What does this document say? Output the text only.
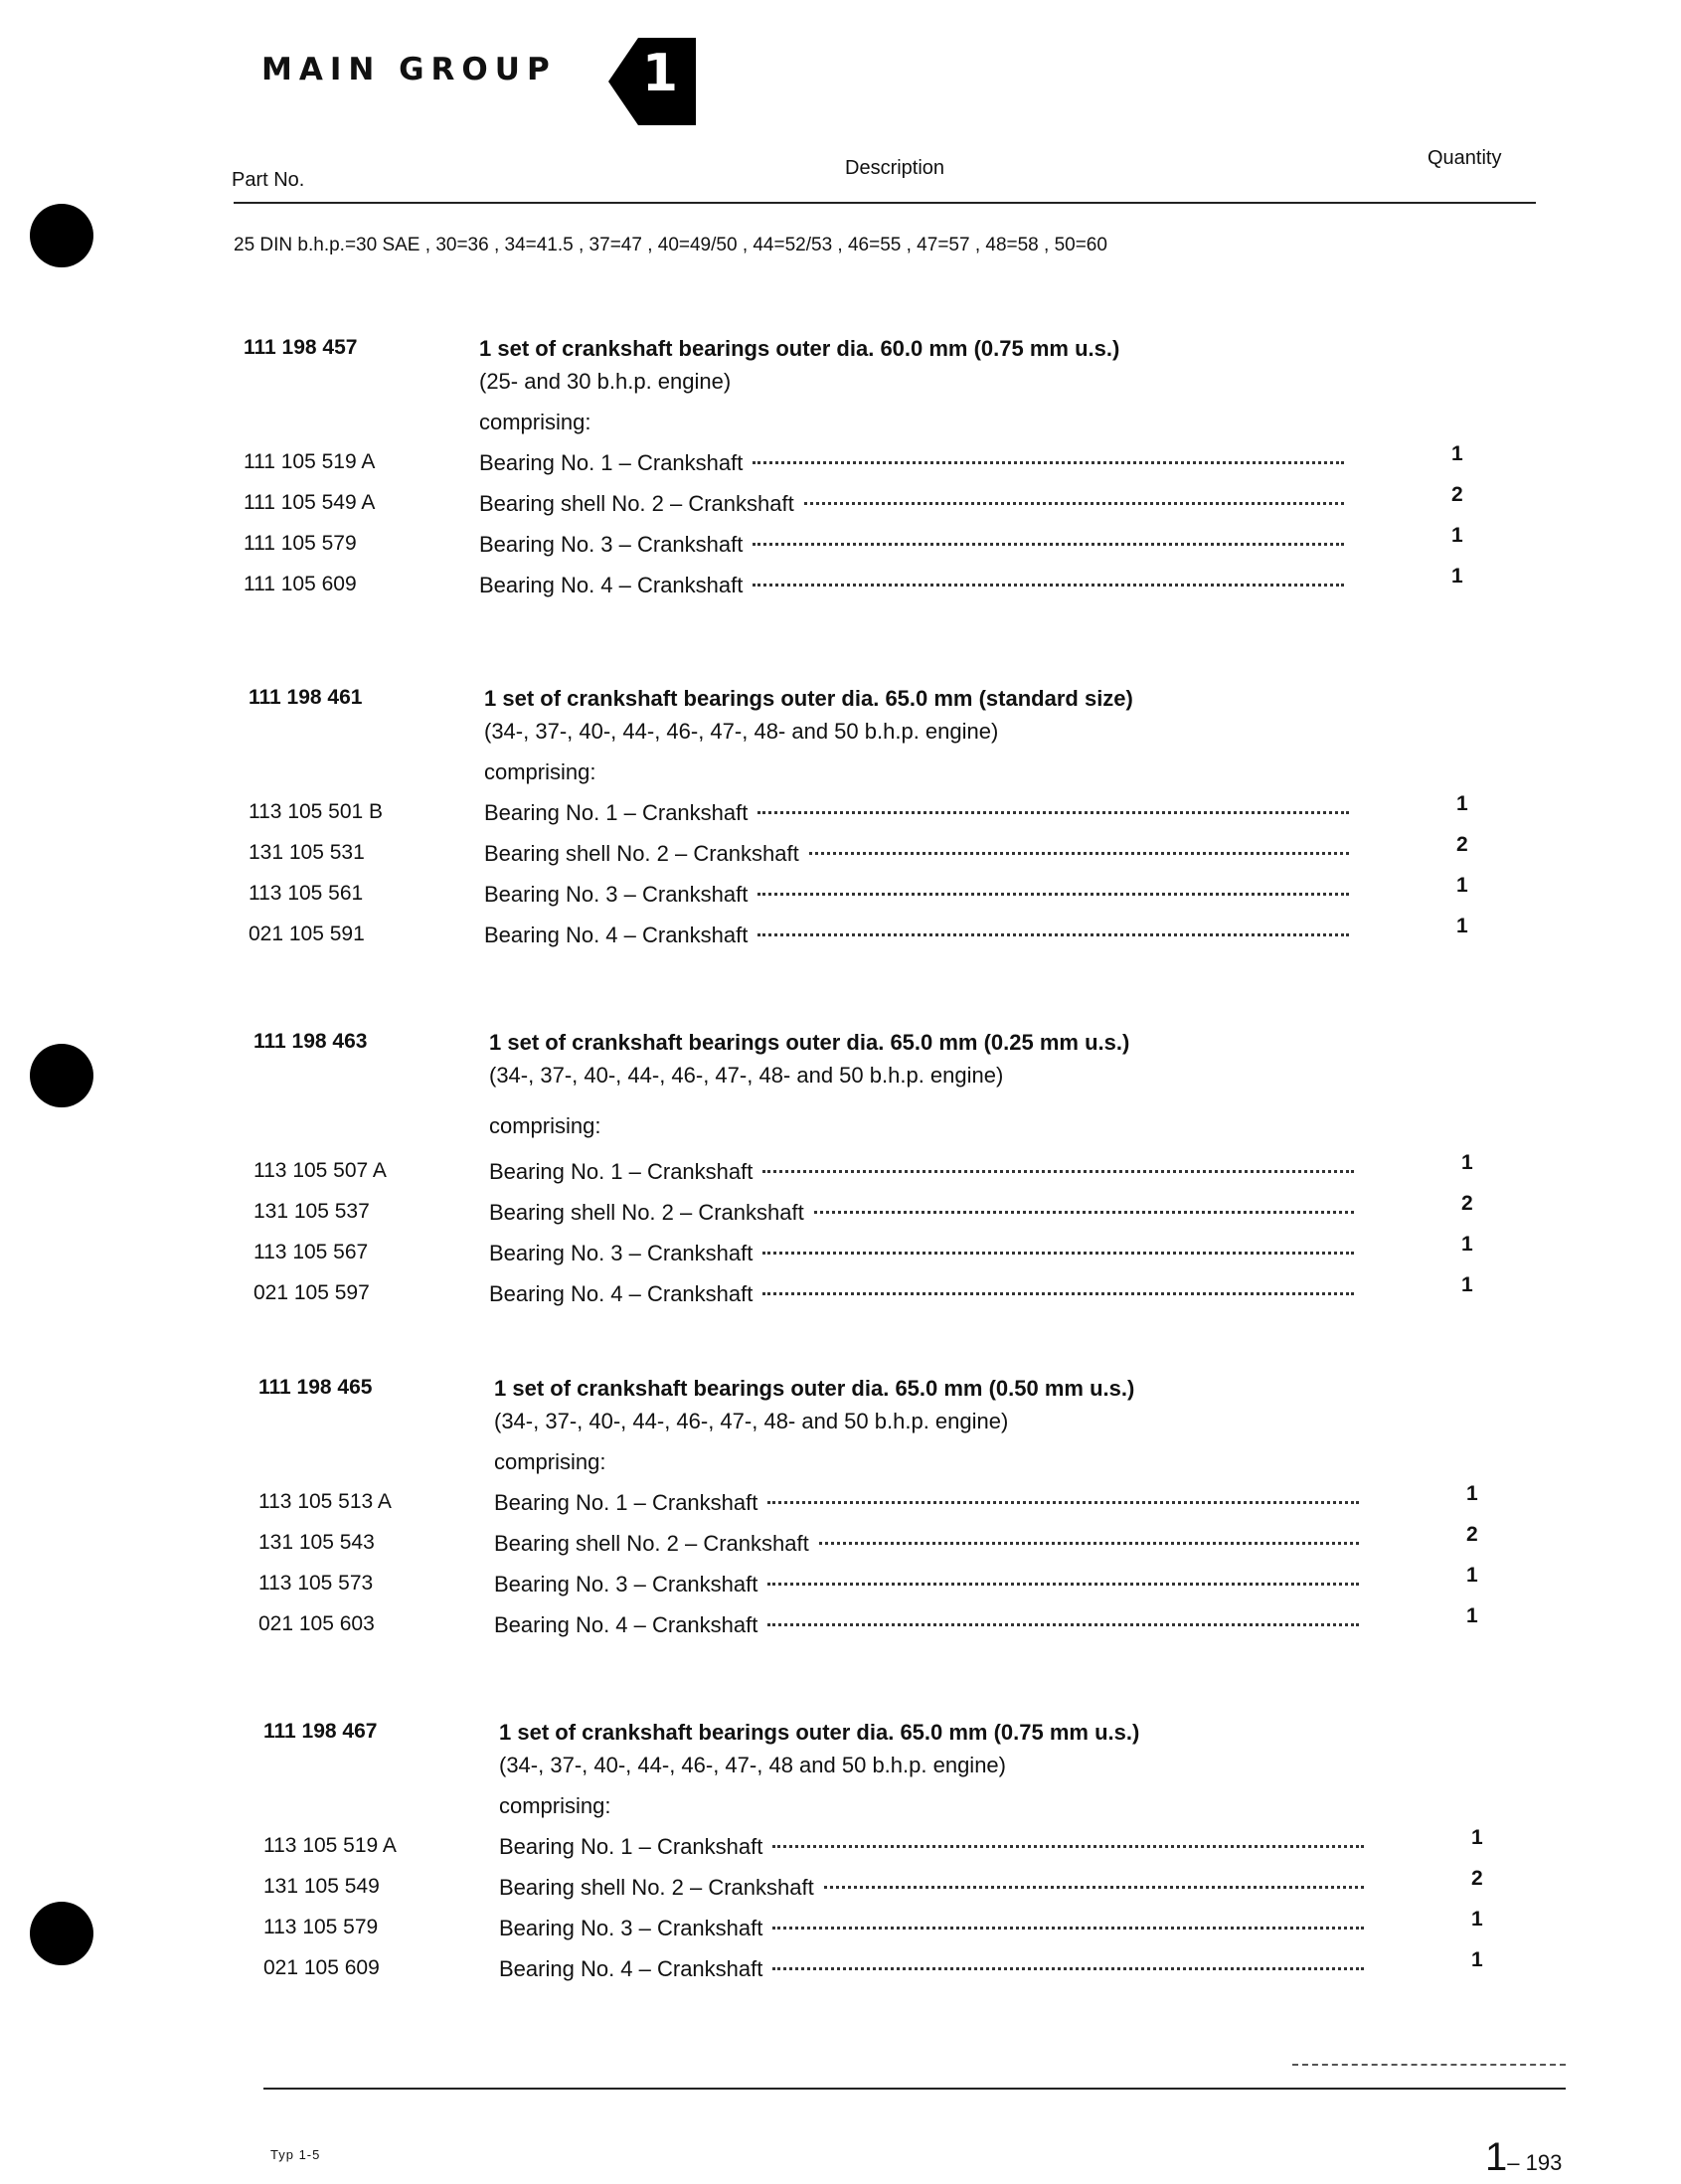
MAIN GROUP 1
Part No.
Description	Quantity
25 DIN b.h.p.=30 SAE , 30=36 , 34=41.5 , 37=47 , 40=49/50 , 44=52/53 , 46=55 , 47=57 , 48=58 , 50=60
111 198 457	1 set of crankshaft bearings outer dia. 60.0 mm (0.75 mm u.s.)
(25- and 30 b.h.p. engine)
comprising:
111 105 519 A	Bearing No. 1 – Crankshaft	1
111 105 549 A	Bearing shell No. 2 – Crankshaft	2
111 105 579	Bearing No. 3 – Crankshaft	1
111 105 609	Bearing No. 4 – Crankshaft	1
111 198 461	1 set of crankshaft bearings outer dia. 65.0 mm (standard size)
(34-, 37-, 40-, 44-, 46-, 47-, 48- and 50 b.h.p. engine)
comprising:
113 105 501 B	Bearing No. 1 – Crankshaft	1
131 105 531	Bearing shell No. 2 – Crankshaft	2
113 105 561	Bearing No. 3 – Crankshaft	1
021 105 591	Bearing No. 4 – Crankshaft	1
111 198 463	1 set of crankshaft bearings outer dia. 65.0 mm (0.25 mm u.s.)
(34-, 37-, 40-, 44-, 46-, 47-, 48- and 50 b.h.p. engine)
comprising:
113 105 507 A	Bearing No. 1 – Crankshaft	1
131 105 537	Bearing shell No. 2 – Crankshaft	2
113 105 567	Bearing No. 3 – Crankshaft	1
021 105 597	Bearing No. 4 – Crankshaft	1
111 198 465	1 set of crankshaft bearings outer dia. 65.0 mm (0.50 mm u.s.)
(34-, 37-, 40-, 44-, 46-, 47-, 48- and 50 b.h.p. engine)
comprising:
113 105 513 A	Bearing No. 1 – Crankshaft	1
131 105 543	Bearing shell No. 2 – Crankshaft	2
113 105 573	Bearing No. 3 – Crankshaft	1
021 105 603	Bearing No. 4 – Crankshaft	1
111 198 467	1 set of crankshaft bearings outer dia. 65.0 mm (0.75 mm u.s.)
(34-, 37-, 40-, 44-, 46-, 47-, 48 and 50 b.h.p. engine)
comprising:
113 105 519 A	Bearing No. 1 – Crankshaft	1
131 105 549	Bearing shell No. 2 – Crankshaft	2
113 105 579	Bearing No. 3 – Crankshaft	1
021 105 609	Bearing No. 4 – Crankshaft	1
Typ 1-5	1– 193
